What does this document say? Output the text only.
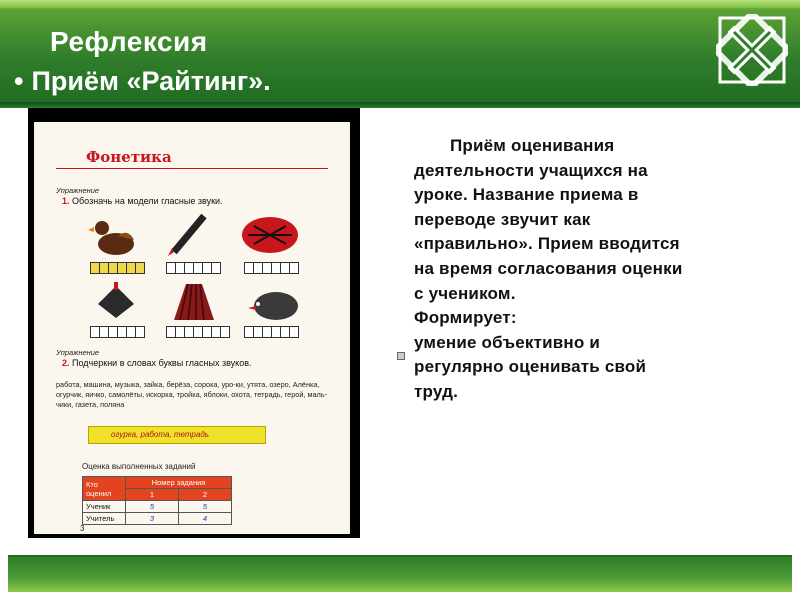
Рефлексия
• Приём «Райтинг».
Фонетика
Упражнение
1. Обозначь на модели гласные звуки.
Упражнение
2. Подчеркни в словах буквы гласных звуков.
работа, машина, музыка, зайка, берёза, сорока, уро-ки, утята, озеро, Алёнка, огурчик, яичко, самолёты, искорка, тройка, яблоки, охота, тетрадь, герой, маль-чики, газета, поляна
огурка, работа, тетрадь
Оценка выполненных заданий
Кто оценил	Номер задания	
	1	2
Ученик	5	5
Учитель	3	4
3
Приём оценивания
деятельности учащихся на
уроке. Название приема в
переводе звучит как
«правильно». Прием вводится
на время согласования оценки
с учеником.
Формирует:
умение объективно и
регулярно оценивать свой
труд.
